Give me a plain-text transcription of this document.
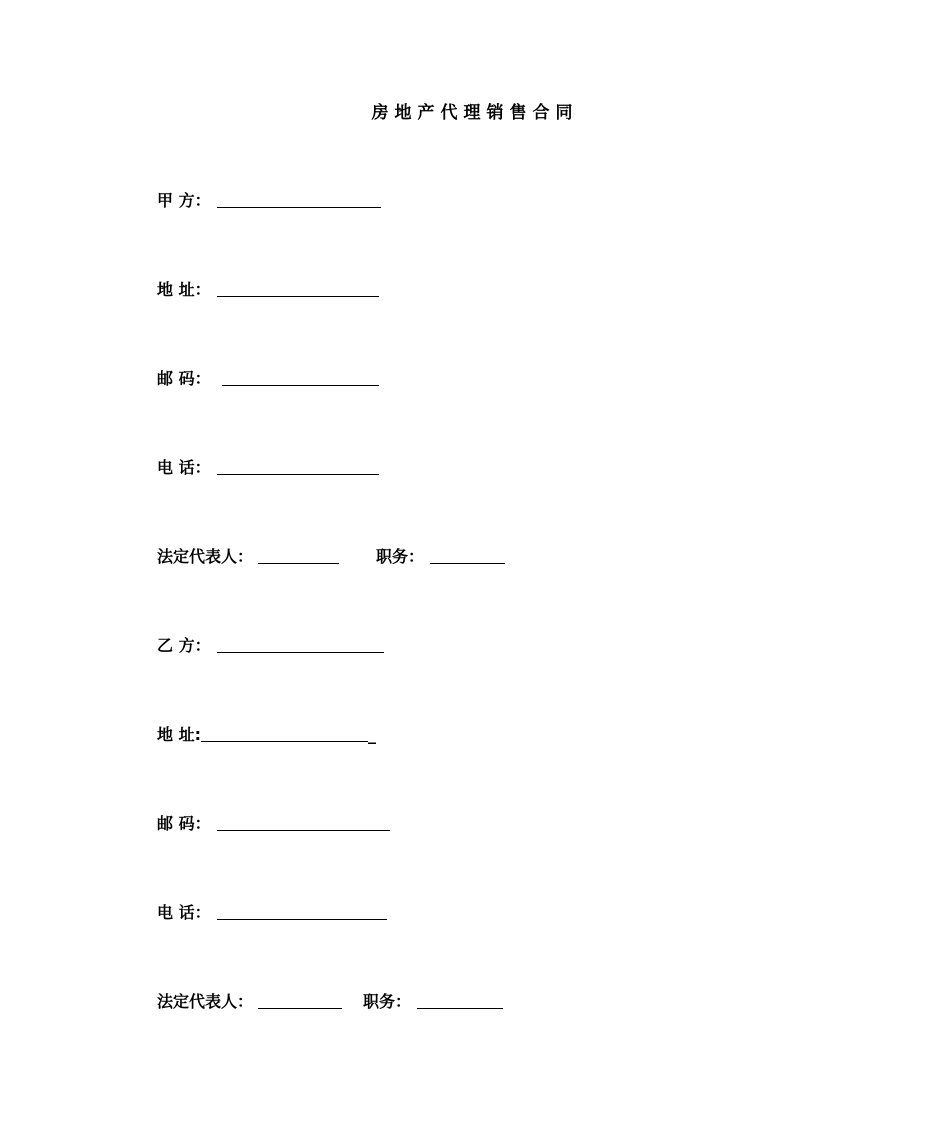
房地产代理销售合同
甲 方：
地 址：
邮 码：
电 话：
法定代表人：	职务：
乙 方：
地 址:	_
邮 码：
电 话：
法定代表人：	职务：
